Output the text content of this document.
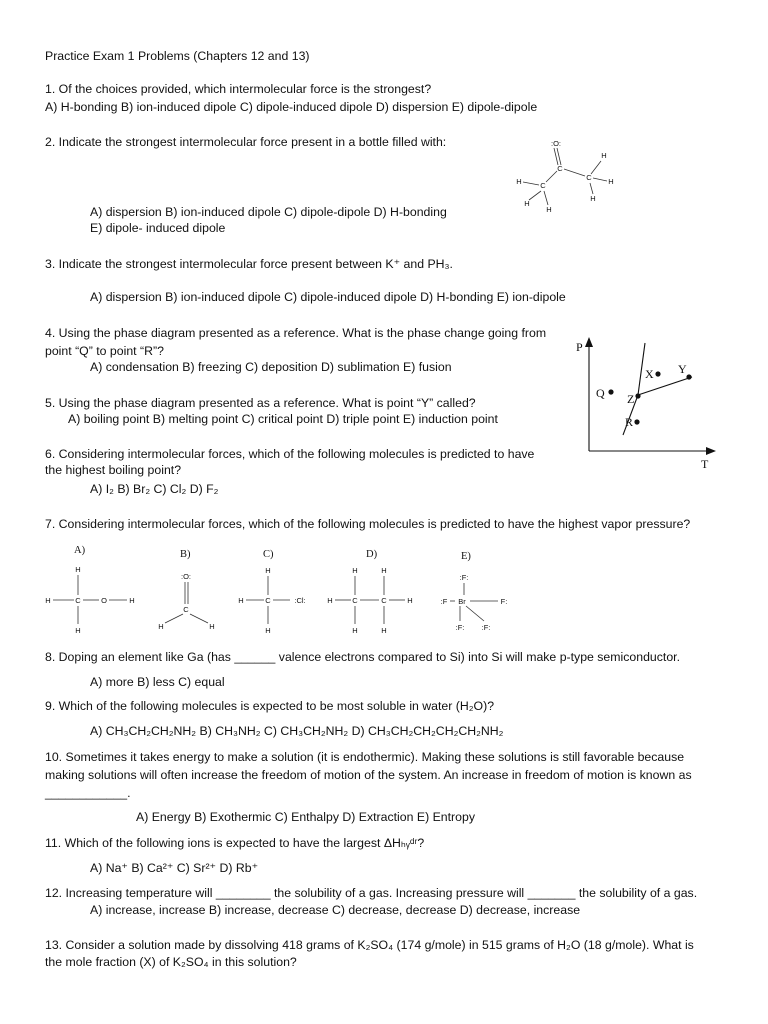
Practice Exam 1 Problems (Chapters 12 and 13)
1. Of the choices provided, which intermolecular force is the strongest?
A) H-bonding B) ion-induced dipole C) dipole-induced dipole D) dispersion E) dipole-dipole
2. Indicate the strongest intermolecular force present in a bottle filled with:	:O:
H
C
C H
H C
H
H
H
A) dispersion B) ion-induced dipole C) dipole-dipole D) H-bonding
E) dipole- induced dipole
3. Indicate the strongest intermolecular force present between K⁺ and PH₃.
A) dispersion B) ion-induced dipole C) dipole-induced dipole D) H-bonding E) ion-dipole
4. Using the phase diagram presented as a reference. What is the phase change going from
point “Q” to point “R”?
A) condensation B) freezing C) deposition D) sublimation E) fusion
P
T
Q
R
X Y
Z
5. Using the phase diagram presented as a reference. What is point “Y” called?
A) boiling point B) melting point C) critical point D) triple point E) induction point
6. Considering intermolecular forces, which of the following molecules is predicted to have
the highest boiling point?
A) I₂ B) Br₂ C) Cl₂ D) F₂
7. Considering intermolecular forces, which of the following molecules is predicted to have the highest vapor pressure?
A)	B)	C)	D)	E)
H
H	C	O	H
H
:O:
C
H	H
H
H	C	:Cl:
H
H	H
H	C	C	H
H	H
:F:
:F Br	F:
:F: :F:
8. Doping an element like Ga (has ______ valence electrons compared to Si) into Si will make p-type semiconductor.
A) more B) less C) equal
9. Which of the following molecules is expected to be most soluble in water (H₂O)?
A) CH₃CH₂CH₂NH₂ B) CH₃NH₂ C) CH₃CH₂NH₂ D) CH₃CH₂CH₂CH₂CH₂NH₂
10. Sometimes it takes energy to make a solution (it is endothermic). Making these solutions is still favorable because
making solutions will often increase the freedom of motion of the system. An increase in freedom of motion is known as
____________.
A) Energy B) Exothermic C) Enthalpy D) Extraction E) Entropy
11. Which of the following ions is expected to have the largest ΔHₕᵧᵈʳ?
A) Na⁺ B) Ca²⁺ C) Sr²⁺ D) Rb⁺
12. Increasing temperature will ________ the solubility of a gas. Increasing pressure will _______ the solubility of a gas.
A) increase, increase B) increase, decrease C) decrease, decrease D) decrease, increase
13. Consider a solution made by dissolving 418 grams of K₂SO₄ (174 g/mole) in 515 grams of H₂O (18 g/mole). What is
the mole fraction (X) of K₂SO₄ in this solution?
